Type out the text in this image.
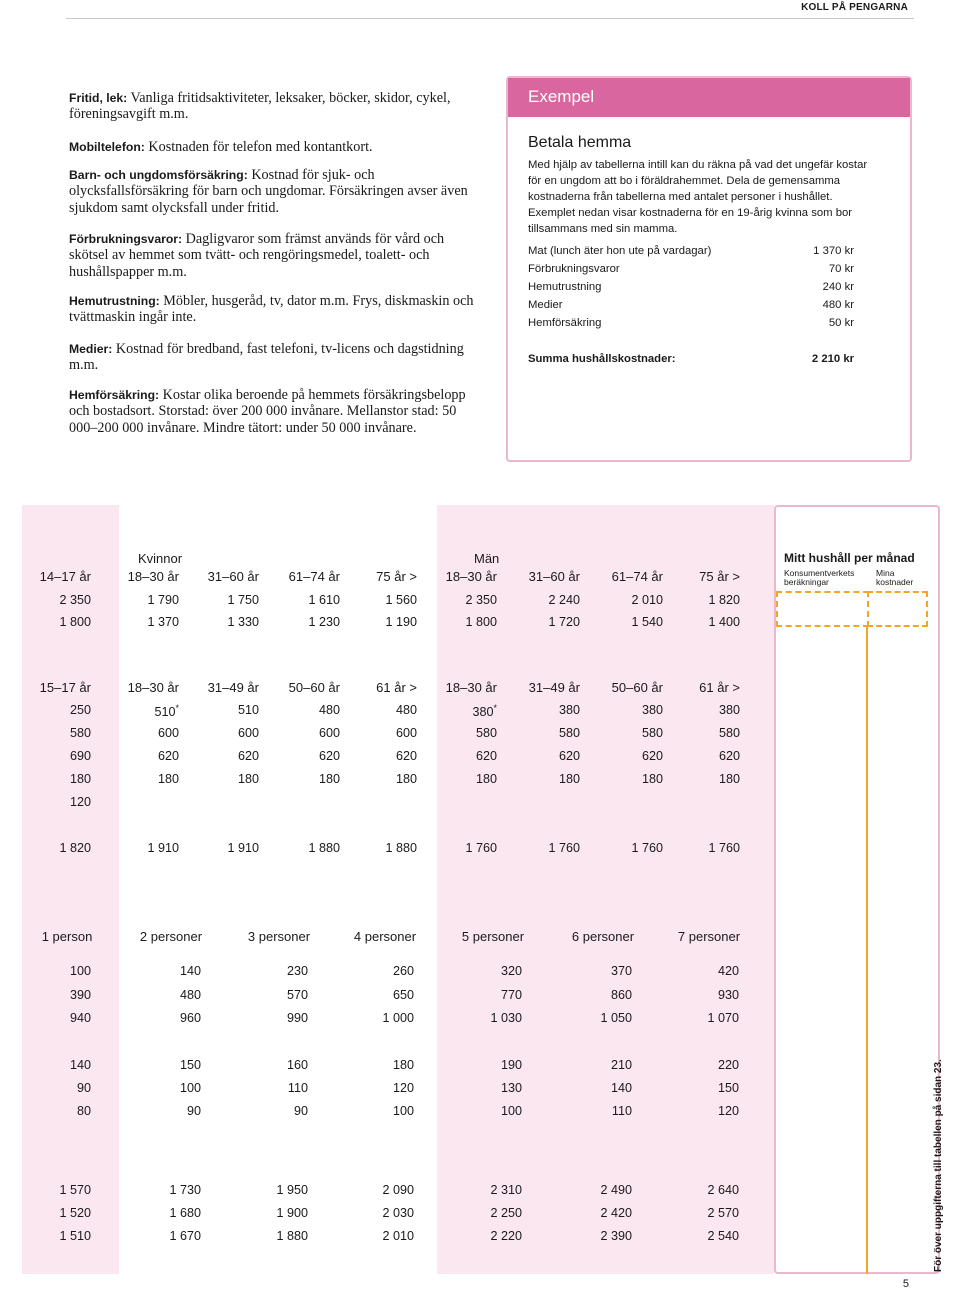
KOLL PÅ PENGARNA
Fritid, lek: Vanliga fritidsaktiviteter, leksaker, böcker, skidor, cykel, föreningsavgift m.m.
Mobiltelefon: Kostnaden för telefon med kontantkort.
Barn- och ungdomsförsäkring: Kostnad för sjuk- och olycksfallsförsäkring för barn och ungdomar. Försäkringen avser även sjukdom samt olycksfall under fritid.
Förbrukningsvaror: Dagligvaror som främst används för vård och skötsel av hemmet som tvätt- och rengöringsmedel, toalett- och hushållspapper m.m.
Hemutrustning: Möbler, husgeråd, tv, dator m.m. Frys, diskmaskin och tvättmaskin ingår inte.
Medier: Kostnad för bredband, fast telefoni, tv-licens och dagstidning m.m.
Hemförsäkring: Kostar olika beroende på hemmets försäkringsbelopp och bostadsort. Storstad: över 200 000 invånare. Mellanstor stad: 50 000–200 000 invånare. Mindre tätort: under 50 000 invånare.
Exempel
Betala hemma
Med hjälp av tabellerna intill kan du räkna på vad det ungefär kostar för en ungdom att bo i föräldrahemmet. Dela de gemensamma kostnaderna från tabellerna med antalet personer i hushållet. Exemplet nedan visar kostnaderna för en 19-årig kvinna som bor tillsammans med sin mamma.
Mat (lunch äter hon ute på vardagar)	1 370 kr
Förbrukningsvaror	70 kr
Hemutrustning	240 kr
Medier	480 kr
Hemförsäkring	50 kr
Summa hushållskostnader:	2 210 kr
14–17 år	18–30 år	31–60 år	61–74 år	75 år >	18–30 år	31–60 år	61–74 år	75 år >
2 350	1 790	1 750	1 610	1 560	2 350	2 240	2 010	1 820
1 800	1 370	1 330	1 230	1 190	1 800	1 720	1 540	1 400
Kvinnor	Män
15–17 år	18–30 år	31–49 år	50–60 år	61 år >	18–30 år	31–49 år	50–60 år	61 år >
250	510*	510	480	480	380*	380	380	380
580	600	600	600	600	580	580	580	580
690	620	620	620	620	620	620	620	620
180	180	180	180	180	180	180	180	180
120
1 820	1 910	1 910	1 880	1 880	1 760	1 760	1 760	1 760
1 person	2 personer	3 personer	4 personer	5 personer	6 personer	7 personer
100	140	230	260	320	370	420
390	480	570	650	770	860	930
940	960	990	1 000	1 030	1 050	1 070
140	150	160	180	190	210	220
90	100	110	120	130	140	150
80	90	90	100	100	110	120
1 570	1 730	1 950	2 090	2 310	2 490	2 640
1 520	1 680	1 900	2 030	2 250	2 420	2 570
1 510	1 670	1 880	2 010	2 220	2 390	2 540
Mitt hushåll per månad
Konsumentverkets beräkningar
Mina kostnader
För över uppgifterna till tabellen på sidan 23.
5
